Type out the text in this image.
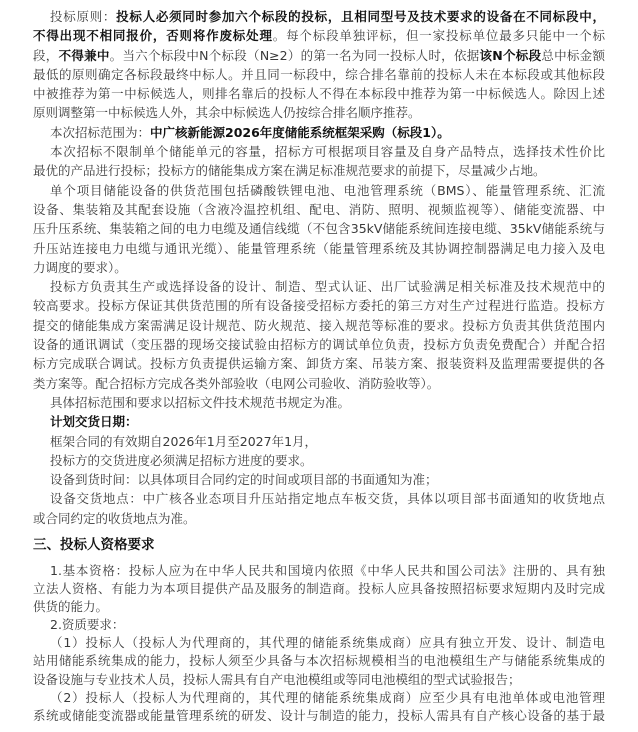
投标原则：投标人必须同时参加六个标段的投标，且相同型号及技术要求的设备在不同标段中，
不得出现不相同报价，否则将作废标处理。每个标段单独评标，但一家投标单位最多只能中一个标
段，不得兼中。当六个标段中N个标段（N≥2）的第一名为同一投标人时，依据该N个标段总中标金额
最低的原则确定各标段最终中标人。并且同一标段中，综合排名靠前的投标人未在本标段或其他标段
中被推荐为第一中标候选人，则排名靠后的投标人不得在本标段中推荐为第一中标候选人。除因上述
原则调整第一中标候选人外，其余中标候选人仍按综合排名顺序推荐。
本次招标范围为：中广核新能源2026年度储能系统框架采购（标段1）。
本次招标不限制单个储能单元的容量，招标方可根据项目容量及自身产品特点，选择技术性价比
最优的产品进行投标；投标方的储能集成方案在满足标准规范要求的前提下，尽量减少占地。
单个项目储能设备的供货范围包括磷酸铁锂电池、电池管理系统（BMS）、能量管理系统、汇流
设备、集装箱及其配套设施（含液冷温控机组、配电、消防、照明、视频监视等）、储能变流器、中
压升压系统、集装箱之间的电力电缆及通信线缆（不包含35kV储能系统间连接电缆、35kV储能系统与
升压站连接电力电缆与通讯光缆）、能量管理系统（能量管理系统及其协调控制器满足电力接入及电
力调度的要求）。
投标方负责其生产或选择设备的设计、制造、型式认证、出厂试验满足相关标准及技术规范中的
较高要求。投标方保证其供货范围的所有设备接受招标方委托的第三方对生产过程进行监造。投标方
提交的储能集成方案需满足设计规范、防火规范、接入规范等标准的要求。投标方负责其供货范围内
设备的通讯调试（变压器的现场交接试验由招标方的调试单位负责，投标方负责免费配合）并配合招
标方完成联合调试。投标方负责提供运输方案、卸货方案、吊装方案、报装资料及监理需要提供的各
类方案等。配合招标方完成各类外部验收（电网公司验收、消防验收等）。
具体招标范围和要求以招标文件技术规范书规定为准。
计划交货日期：
框架合同的有效期自2026年1月至2027年1月，
投标方的交货进度必须满足招标方进度的要求。
设备到货时间：以具体项目合同约定的时间或项目部的书面通知为准；
设备交货地点：中广核各业态项目升压站指定地点车板交货，具体以项目部书面通知的收货地点
或合同约定的收货地点为准。
三、投标人资格要求
1.基本资格：投标人应为在中华人民共和国境内依照《中华人民共和国公司法》注册的、具有独
立法人资格、有能力为本项目提供产品及服务的制造商。投标人应具备按照招标要求短期内及时完成
供货的能力。
2.资质要求：
（1）投标人（投标人为代理商的，其代理的储能系统集成商）应具有独立开发、设计、制造电
站用储能系统集成的能力，投标人须至少具备与本次招标规模相当的电池模组生产与储能系统集成的
设备设施与专业技术人员，投标人需具有自产电池模组或等同电池模组的型式试验报告；
（2）投标人（投标人为代理商的，其代理的储能系统集成商）应至少具有电池单体或电池管理
系统或储能变流器或能量管理系统的研发、设计与制造的能力，投标人需具有自产核心设备的基于最
